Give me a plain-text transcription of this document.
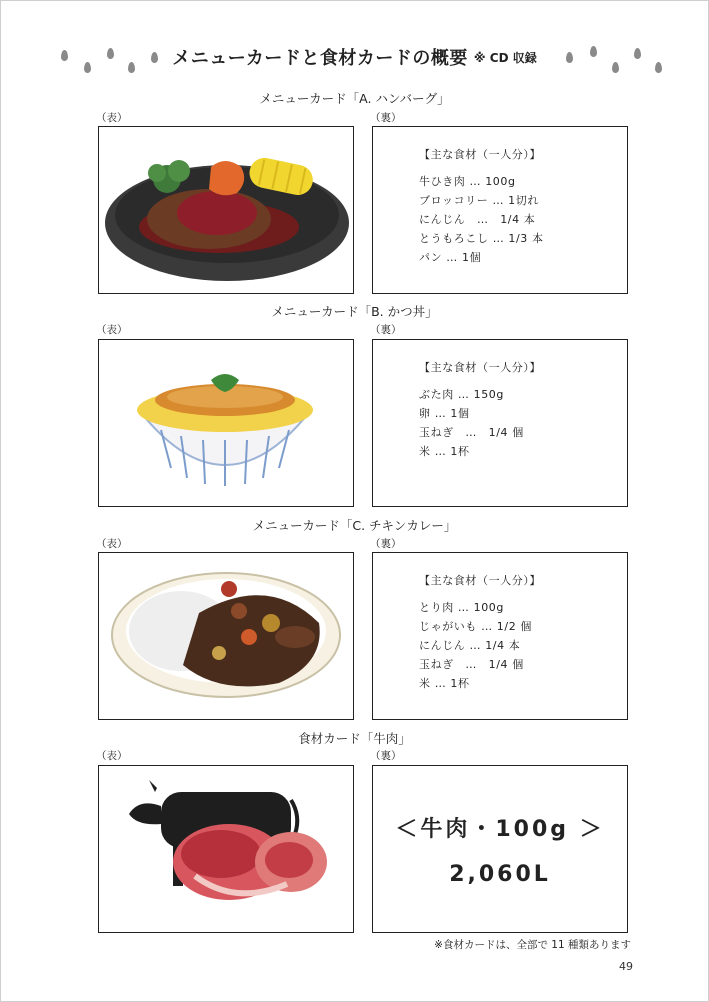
メニューカードと食材カードの概要 ※ CD 収録
メニューカード「A. ハンバーグ」
（表）	（裏）
【主な食材（一人分）】
牛ひき肉 … 100g
ブロッコリー … 1切れ
にんじん　…　1/4 本
とうもろこし … 1/3 本
パン … 1個
メニューカード「B. かつ丼」
（表）	（裏）
【主な食材（一人分）】
ぶた肉 … 150g
卵 … 1個
玉ねぎ　…　1/4 個
米 … 1杯
メニューカード「C. チキンカレー」
（表）	（裏）
【主な食材（一人分）】
とり肉 … 100g
じゃがいも … 1/2 個
にんじん … 1/4 本
玉ねぎ　…　1/4 個
米 … 1杯
食材カード「牛肉」
（表）	（裏）
＜牛肉・100g ＞
2,060L
※食材カードは、全部で 11 種類あります
49
